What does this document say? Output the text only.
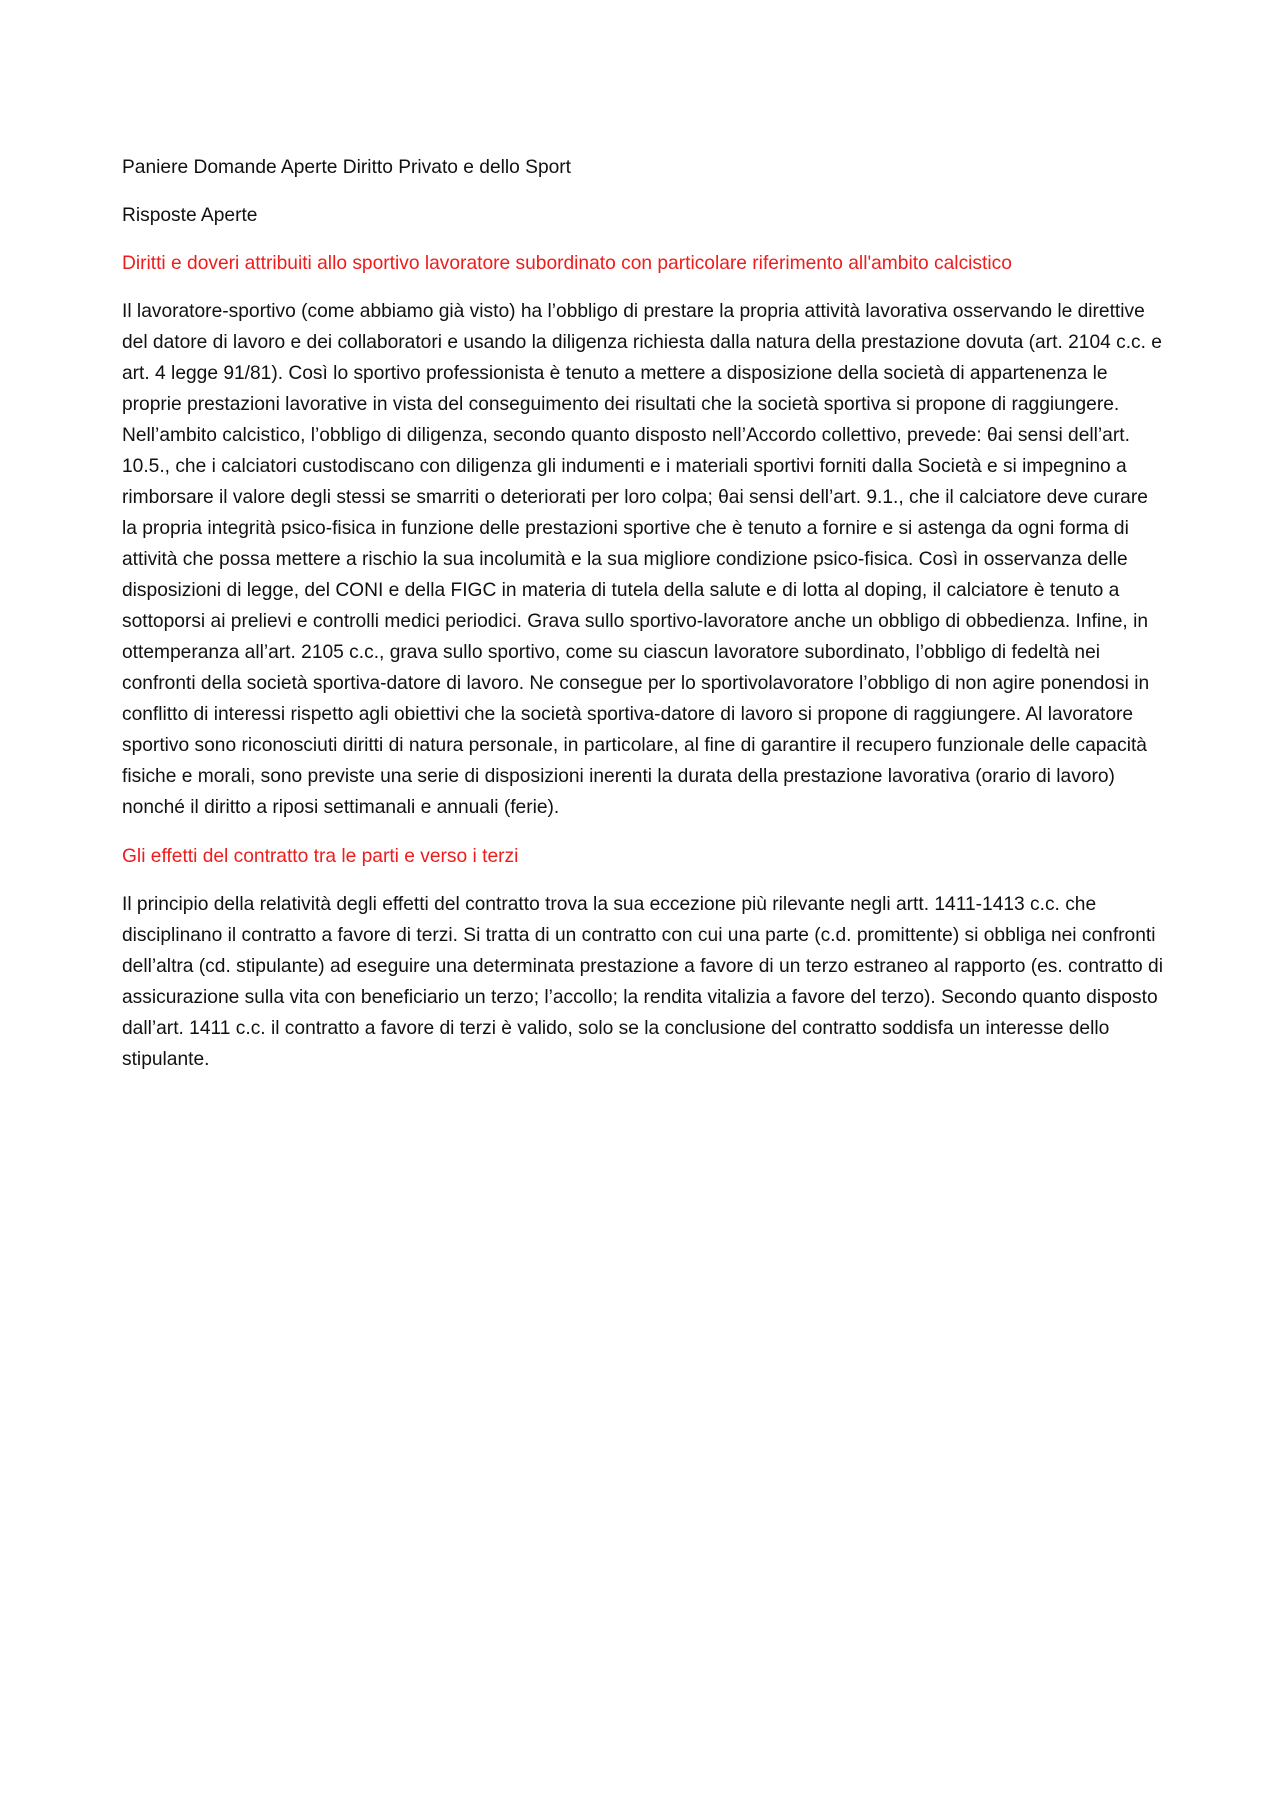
Paniere Domande Aperte Diritto Privato e dello Sport

Risposte Aperte

Diritti e doveri attribuiti allo sportivo lavoratore subordinato con particolare riferimento all'ambito calcistico

Il lavoratore-sportivo (come abbiamo già visto) ha l’obbligo di prestare la propria attività lavorativa osservando le direttive del datore di lavoro e dei collaboratori e usando la diligenza richiesta dalla natura della prestazione dovuta (art. 2104 c.c. e art. 4 legge 91/81). Così lo sportivo professionista è tenuto a mettere a disposizione della società di appartenenza le proprie prestazioni lavorative in vista del conseguimento dei risultati che la società sportiva si propone di raggiungere. Nell’ambito calcistico, l’obbligo di diligenza, secondo quanto disposto nell’Accordo collettivo, prevede: θai sensi dell’art. 10.5., che i calciatori custodiscano con diligenza gli indumenti e i materiali sportivi forniti dalla Società e si impegnino a rimborsare il valore degli stessi se smarriti o deteriorati per loro colpa; θai sensi dell’art. 9.1., che il calciatore deve curare la propria integrità psico-fisica in funzione delle prestazioni sportive che è tenuto a fornire e si astenga da ogni forma di attività che possa mettere a rischio la sua incolumità e la sua migliore condizione psico-fisica. Così in osservanza delle disposizioni di legge, del CONI e della FIGC in materia di tutela della salute e di lotta al doping, il calciatore è tenuto a sottoporsi ai prelievi e controlli medici periodici. Grava sullo sportivo-lavoratore anche un obbligo di obbedienza. Infine, in ottemperanza all’art. 2105 c.c., grava sullo sportivo, come su ciascun lavoratore subordinato, l’obbligo di fedeltà nei confronti della società sportiva-datore di lavoro. Ne consegue per lo sportivolavoratore l’obbligo di non agire ponendosi in conflitto di interessi rispetto agli obiettivi che la società sportiva-datore di lavoro si propone di raggiungere. Al lavoratore sportivo sono riconosciuti diritti di natura personale, in particolare, al fine di garantire il recupero funzionale delle capacità fisiche e morali, sono previste una serie di disposizioni inerenti la durata della prestazione lavorativa (orario di lavoro) nonché il diritto a riposi settimanali e annuali (ferie).

Gli effetti del contratto tra le parti e verso i terzi

Il principio della relatività degli effetti del contratto trova la sua eccezione più rilevante negli artt. 1411-1413 c.c. che disciplinano il contratto a favore di terzi. Si tratta di un contratto con cui una parte (c.d. promittente) si obbliga nei confronti dell’altra (cd. stipulante) ad eseguire una determinata prestazione a favore di un terzo estraneo al rapporto (es. contratto di assicurazione sulla vita con beneficiario un terzo; l’accollo; la rendita vitalizia a favore del terzo). Secondo quanto disposto dall’art. 1411 c.c. il contratto a favore di terzi è valido, solo se la conclusione del contratto soddisfa un interesse dello stipulante.
